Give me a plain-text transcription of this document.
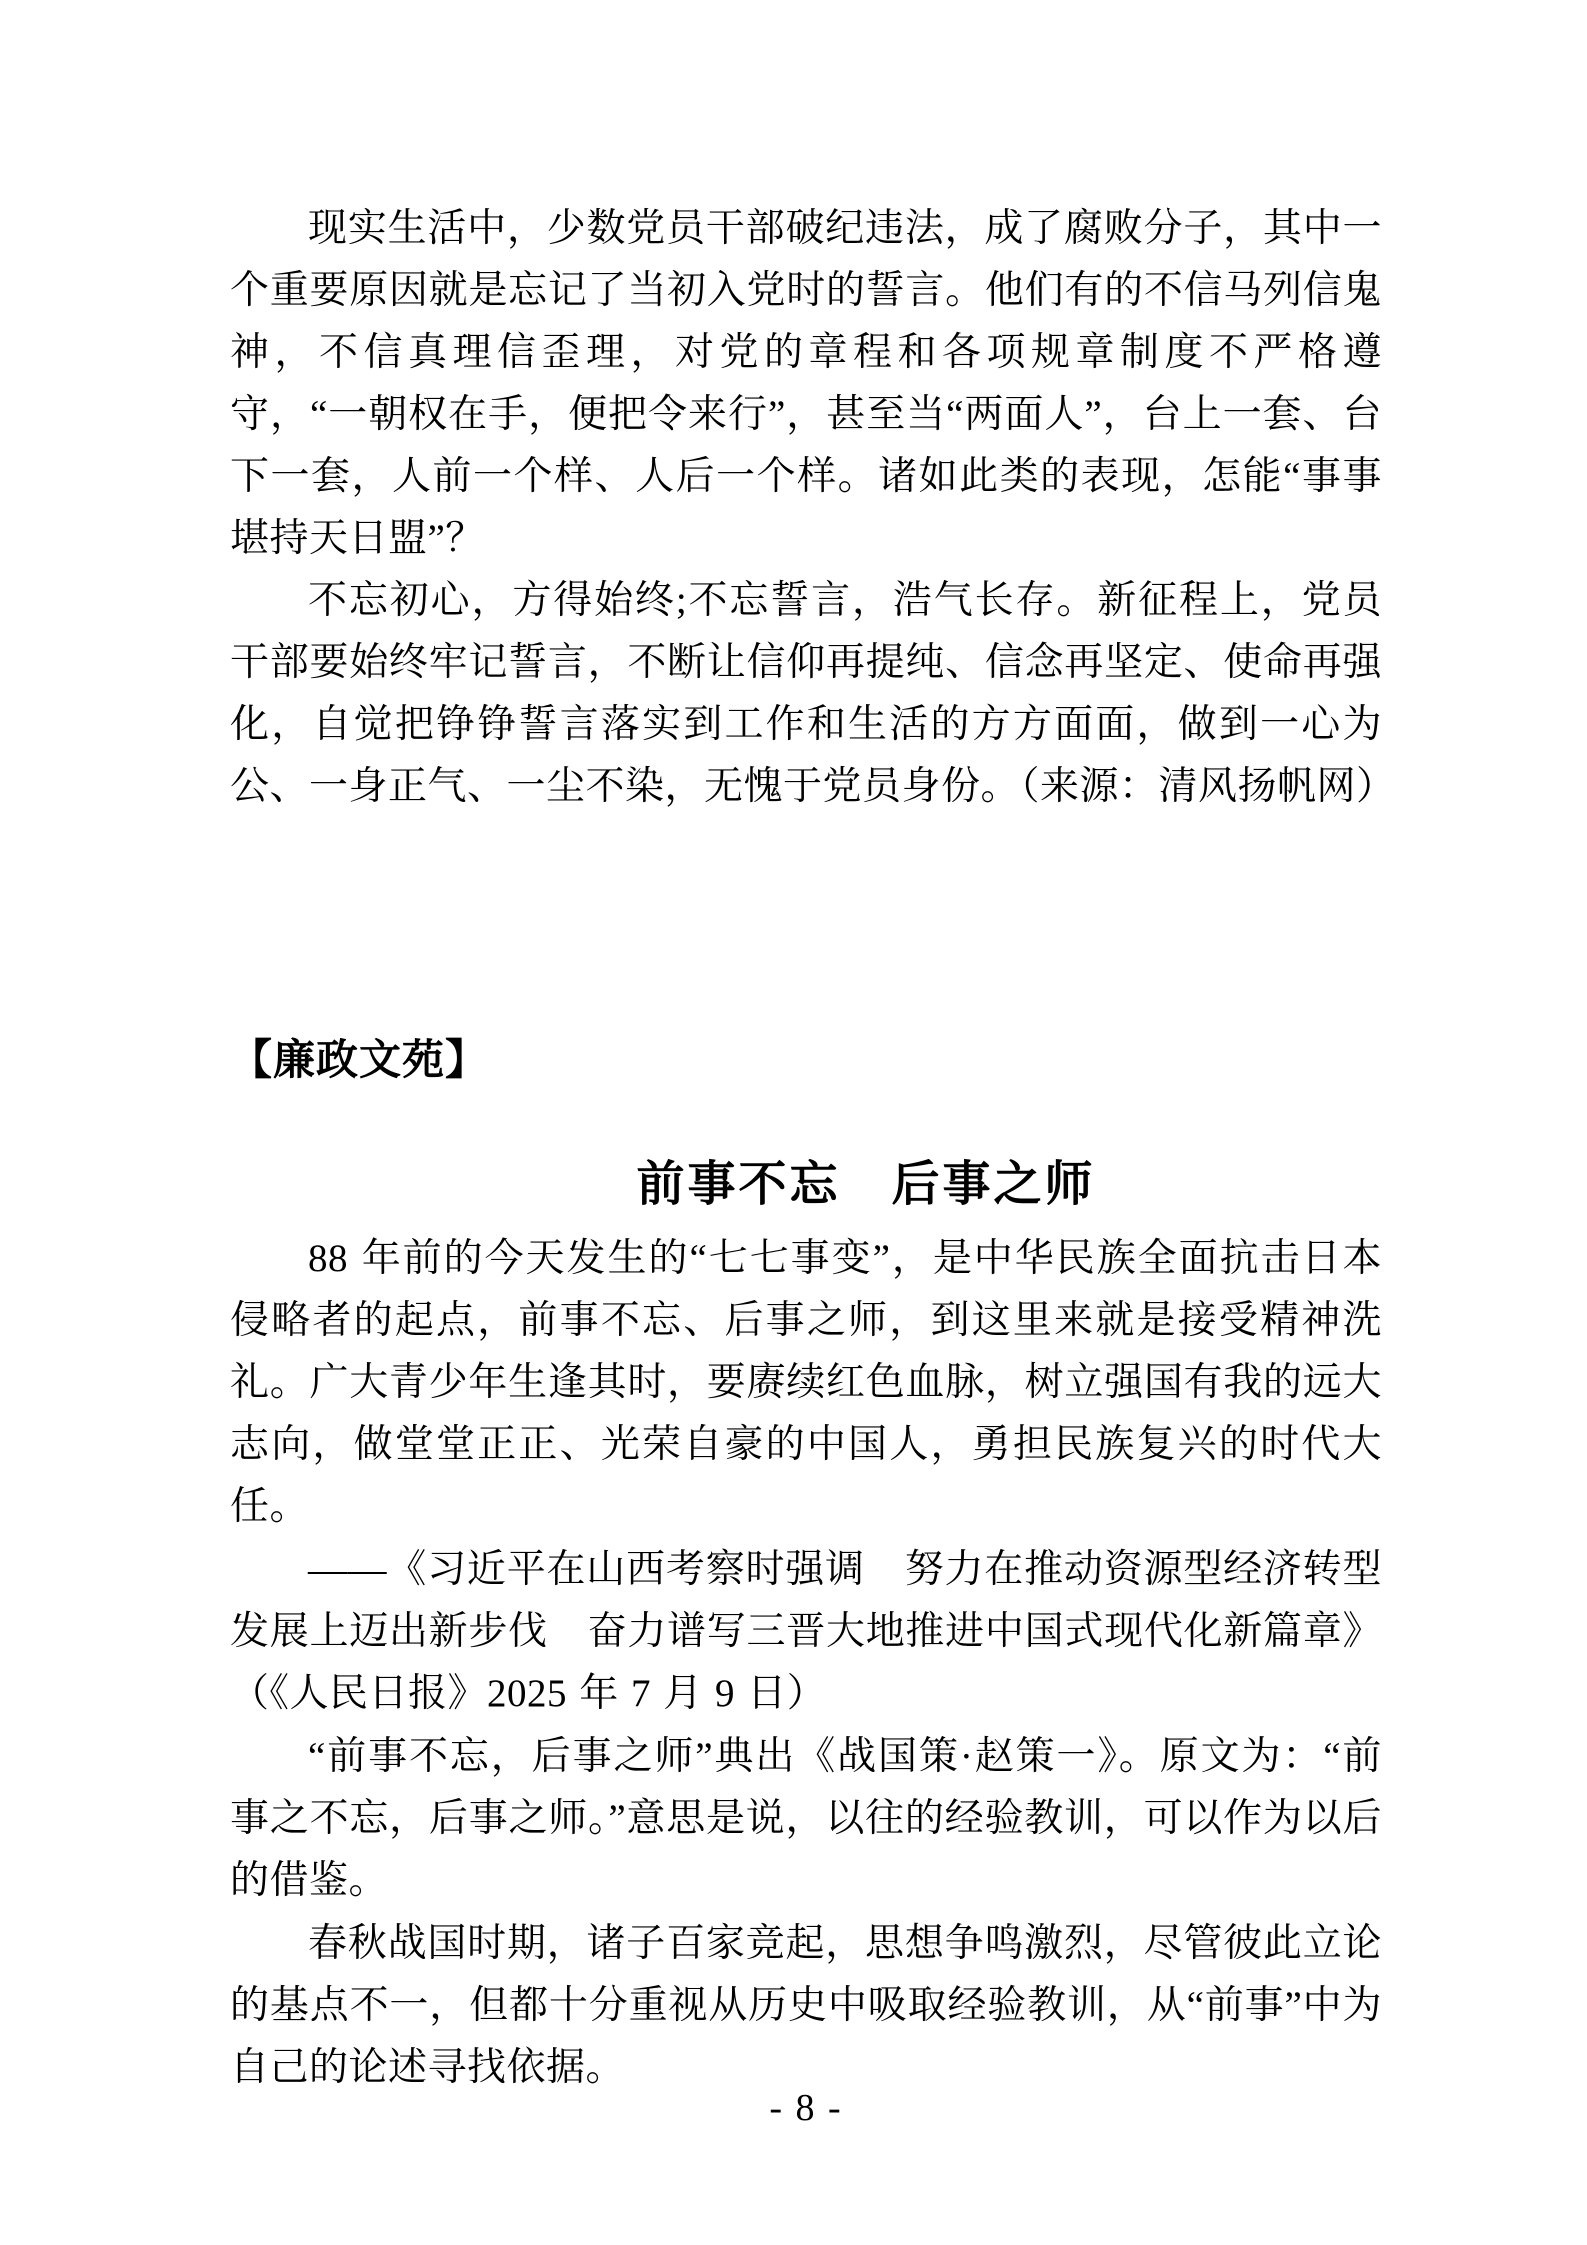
现实生活中，少数党员干部破纪违法，成了腐败分子，其中一个重要原因就是忘记了当初入党时的誓言。他们有的不信马列信鬼神，不信真理信歪理，对党的章程和各项规章制度不严格遵守，“一朝权在手，便把令来行”，甚至当“两面人”，台上一套、台下一套，人前一个样、人后一个样。诸如此类的表现，怎能“事事堪持天日盟”？

不忘初心，方得始终;不忘誓言，浩气长存。新征程上，党员干部要始终牢记誓言，不断让信仰再提纯、信念再坚定、使命再强化，自觉把铮铮誓言落实到工作和生活的方方面面，做到一心为公、一身正气、一尘不染，无愧于党员身份。（来源：清风扬帆网）

【廉政文苑】
前事不忘　后事之师

88 年前的今天发生的“七七事变”，是中华民族全面抗击日本侵略者的起点，前事不忘、后事之师，到这里来就是接受精神洗礼。广大青少年生逢其时，要赓续红色血脉，树立强国有我的远大志向，做堂堂正正、光荣自豪的中国人，勇担民族复兴的时代大任。

——《习近平在山西考察时强调　努力在推动资源型经济转型发展上迈出新步伐　奋力谱写三晋大地推进中国式现代化新篇章》（《人民日报》2025 年 7 月 9 日）

“前事不忘，后事之师”典出《战国策·赵策一》。原文为：“前事之不忘，后事之师。”意思是说，以往的经验教训，可以作为以后的借鉴。

春秋战国时期，诸子百家竞起，思想争鸣激烈，尽管彼此立论的基点不一，但都十分重视从历史中吸取经验教训，从“前事”中为自己的论述寻找依据。

- 8 -
